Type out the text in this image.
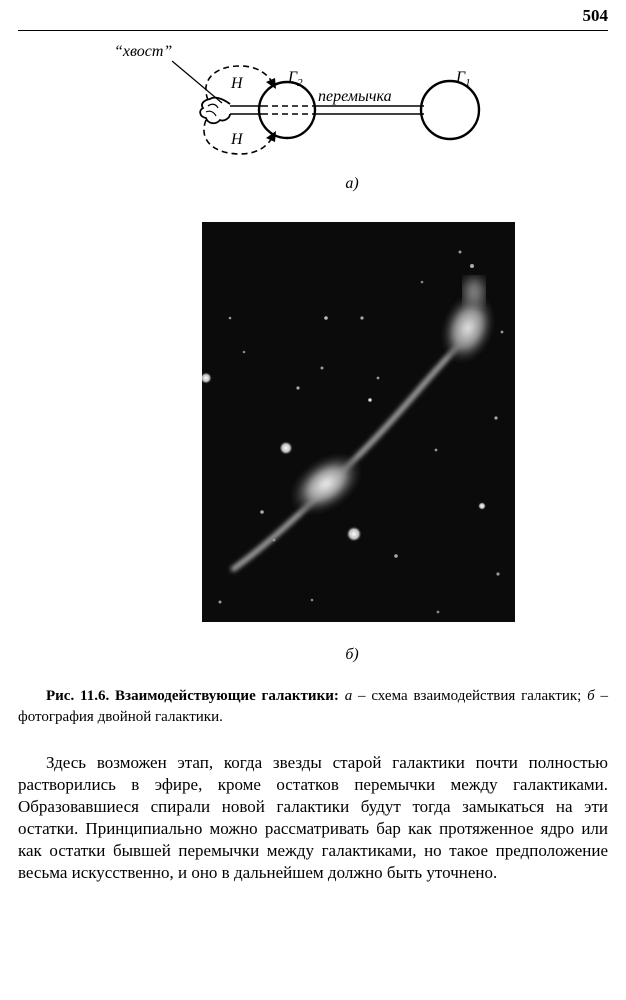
504
“хвост”
H
H
$Г_2$	$Г_1$
перемычка
а)
б)
Рис. 11.6. Взаимодействующие галактики: а – схема взаимодействия галактик; б – фотография двойной галактики.
Здесь возможен этап, когда звезды старой галактики почти полностью растворились в эфире, кроме остатков перемычки между галактиками. Образовавшиеся спирали новой галактики будут тогда замыкаться на эти остатки. Принципиально можно рассматривать бар как протяженное ядро или как остатки бывшей перемычки между галактиками, но такое предположение весьма искусственно, и оно в дальнейшем должно быть уточнено.
